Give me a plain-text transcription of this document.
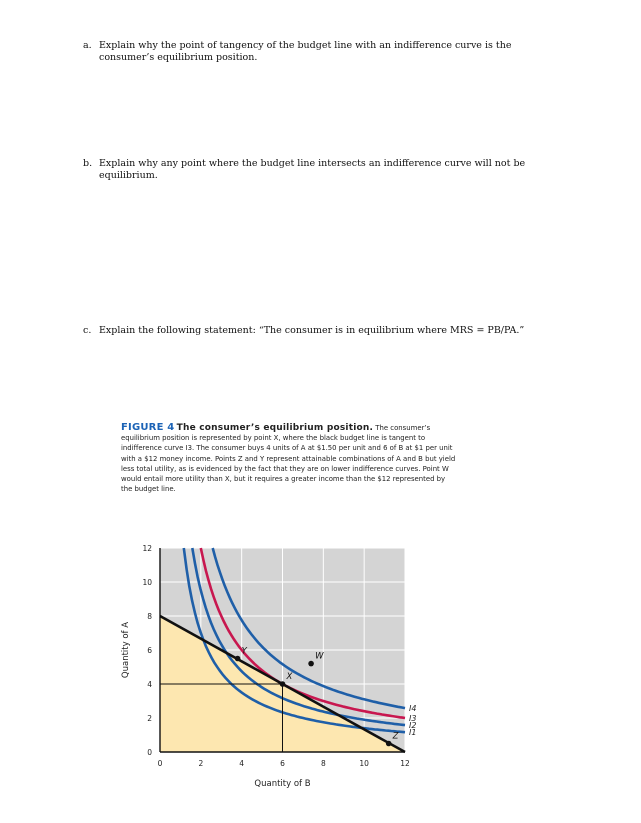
a. Explain why the point of tangency of the budget line with an indifference curve is the consumer’s equilibrium position.
b. Explain why any point where the budget line intersects an indifference curve will not be equilibrium.
c. Explain the following statement: “The consumer is in equilibrium where MRS = PB/PA.”
FIGURE 4 The consumer’s equilibrium position. The consumer’s equilibrium position is represented by point X, where the black budget line is tangent to indifference curve I3. The consumer buys 4 units of A at $1.50 per unit and 6 of B at $1 per unit with a $12 money income. Points Z and Y represent attainable combinations of A and B but yield less total utility, as is evidenced by the fact that they are on lower indifference curves. Point W would entail more utility than X, but it requires a greater income than the $12 represented by the budget line.
I1
I2
I3
I4
X
Y
W
Z
0	2	4	6	8	10	12
0
2
4
6
8
10
12
Quantity of B
Quantity of A
